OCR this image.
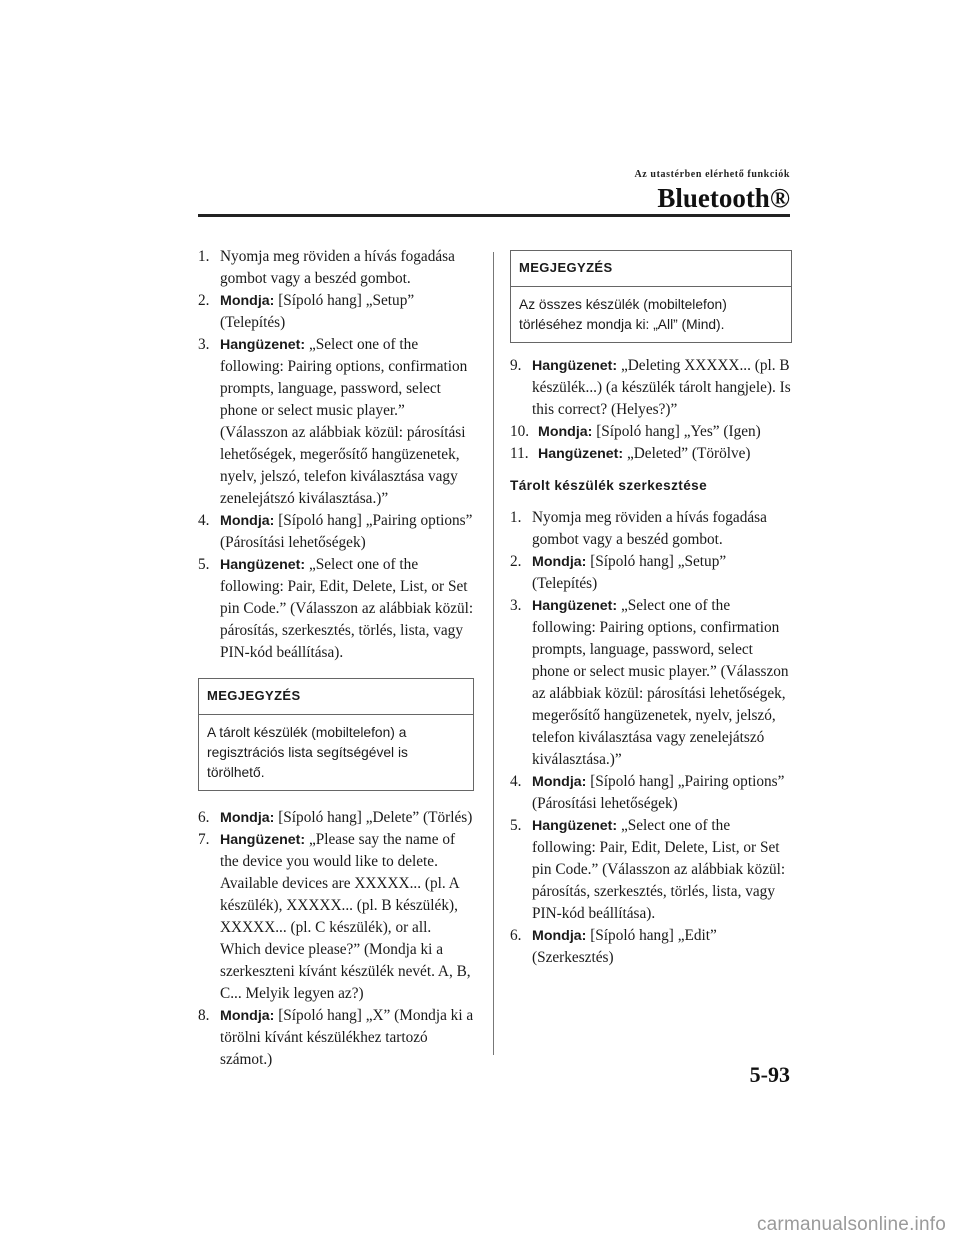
Az utastérben elérhető funkciók
Bluetooth®
1. Nyomja meg röviden a hívás fogadása gombot vagy a beszéd gombot.
2. Mondja: [Sípoló hang] „Setup” (Telepítés)
3. Hangüzenet: „Select one of the following: Pairing options, confirmation prompts, language, password, select phone or select music player.” (Válasszon az alábbiak közül: párosítási lehetőségek, megerősítő hangüzenetek, nyelv, jelszó, telefon kiválasztása vagy zenelejátszó kiválasztása.)”
4. Mondja: [Sípoló hang] „Pairing options” (Párosítási lehetőségek)
5. Hangüzenet: „Select one of the following: Pair, Edit, Delete, List, or Set pin Code.” (Válasszon az alábbiak közül: párosítás, szerkesztés, törlés, lista, vagy PIN-kód beállítása).
MEGJEGYZÉS
A tárolt készülék (mobiltelefon) a regisztrációs lista segítségével is törölhető.
6. Mondja: [Sípoló hang] „Delete” (Törlés)
7. Hangüzenet: „Please say the name of the device you would like to delete. Available devices are XXXXX... (pl. A készülék), XXXXX... (pl. B készülék), XXXXX... (pl. C készülék), or all. Which device please?” (Mondja ki a szerkeszteni kívánt készülék nevét. A, B, C... Melyik legyen az?)
8. Mondja: [Sípoló hang] „X” (Mondja ki a törölni kívánt készülékhez tartozó számot.)
MEGJEGYZÉS
Az összes készülék (mobiltelefon) törléséhez mondja ki: „All” (Mind).
9. Hangüzenet: „Deleting XXXXX... (pl. B készülék...) (a készülék tárolt hangjele). Is this correct? (Helyes?)”
10. Mondja: [Sípoló hang] „Yes” (Igen)
11. Hangüzenet: „Deleted” (Törölve)
Tárolt készülék szerkesztése
1. Nyomja meg röviden a hívás fogadása gombot vagy a beszéd gombot.
2. Mondja: [Sípoló hang] „Setup” (Telepítés)
3. Hangüzenet: „Select one of the following: Pairing options, confirmation prompts, language, password, select phone or select music player.” (Válasszon az alábbiak közül: párosítási lehetőségek, megerősítő hangüzenetek, nyelv, jelszó, telefon kiválasztása vagy zenelejátszó kiválasztása.)”
4. Mondja: [Sípoló hang] „Pairing options” (Párosítási lehetőségek)
5. Hangüzenet: „Select one of the following: Pair, Edit, Delete, List, or Set pin Code.” (Válasszon az alábbiak közül: párosítás, szerkesztés, törlés, lista, vagy PIN-kód beállítása).
6. Mondja: [Sípoló hang] „Edit” (Szerkesztés)
5-93
carmanualsonline.info
